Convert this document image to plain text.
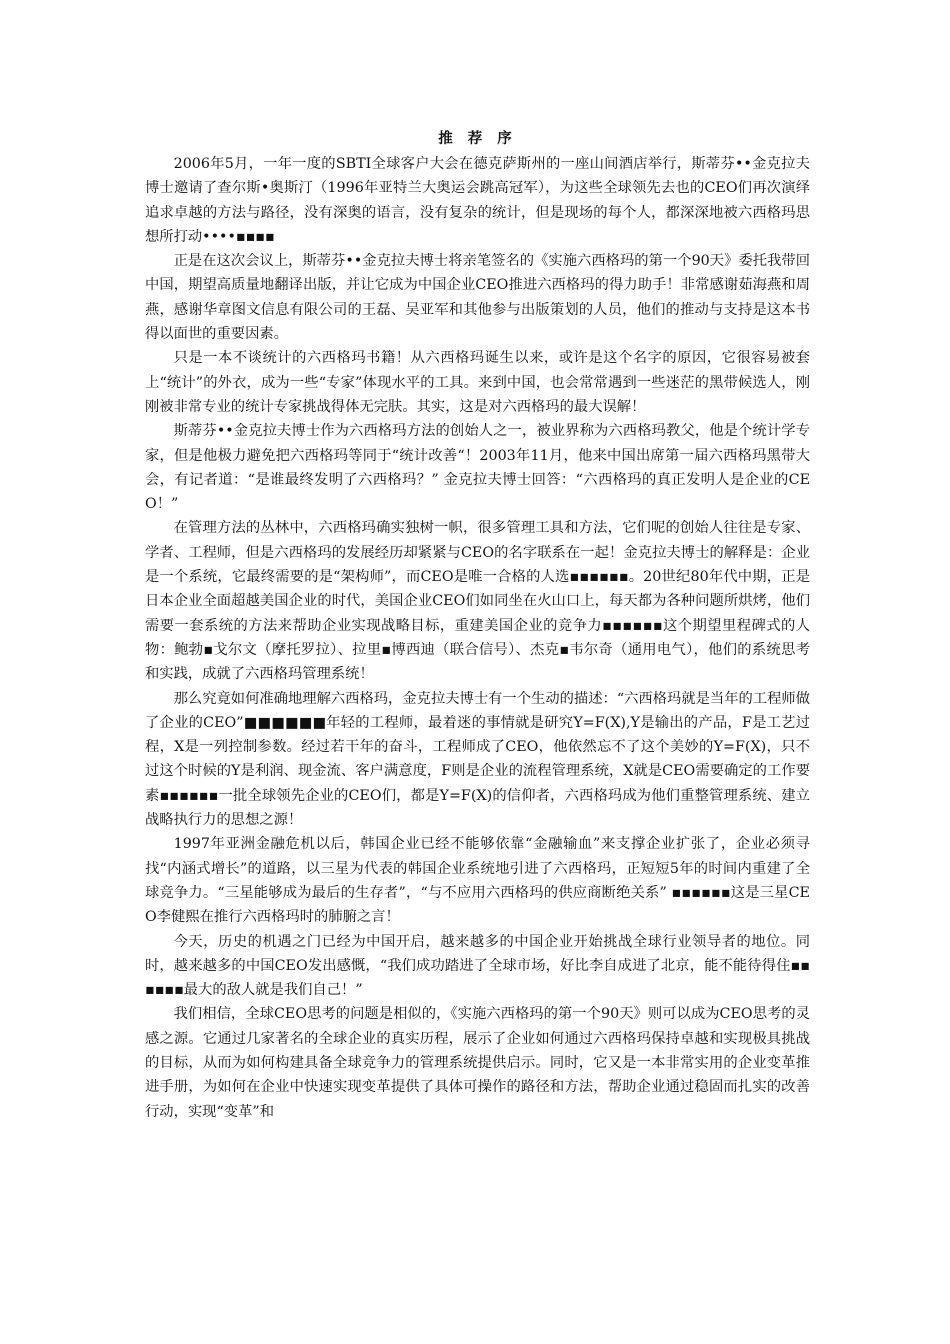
推 荐 序

2006年5月，一年一度的SBTI全球客户大会在德克萨斯州的一座山间酒店举行，斯蒂芬••金克拉夫博士邀请了查尔斯•奥斯汀（1996年亚特兰大奥运会跳高冠军），为这些全球领先去也的CEO们再次演绎追求卓越的方法与路径，没有深奥的语言，没有复杂的统计，但是现场的每个人，都深深地被六西格玛思想所打动••••▪▪▪▪

正是在这次会议上，斯蒂芬••金克拉夫博士将亲笔签名的《实施六西格玛的第一个90天》委托我带回中国，期望高质量地翻译出版，并让它成为中国企业CEO推进六西格玛的得力助手！非常感谢茹海燕和周燕，感谢华章图文信息有限公司的王磊、吴亚军和其他参与出版策划的人员，他们的推动与支持是这本书得以面世的重要因素。

只是一本不谈统计的六西格玛书籍！从六西格玛诞生以来，或许是这个名字的原因，它很容易被套上“统计”的外衣，成为一些“专家”体现水平的工具。来到中国，也会常常遇到一些迷茫的黑带候选人，刚刚被非常专业的统计专家挑战得体无完肤。其实，这是对六西格玛的最大误解！

斯蒂芬••金克拉夫博士作为六西格玛方法的创始人之一，被业界称为六西格玛教父，他是个统计学专家，但是他极力避免把六西格玛等同于“统计改善“！2003年11月，他来中国出席第一届六西格玛黑带大会，有记者道：“是谁最终发明了六西格玛？” 金克拉夫博士回答：“六西格玛的真正发明人是企业的CEO！”

在管理方法的丛林中，六西格玛确实独树一帜，很多管理工具和方法，它们呢的创始人往往是专家、学者、工程师，但是六西格玛的发展经历却紧紧与CEO的名字联系在一起！金克拉夫博士的解释是：企业是一个系统，它最终需要的是“架构师”，而CEO是唯一合格的人选▪▪▪▪▪▪。20世纪80年代中期，正是日本企业全面超越美国企业的时代，美国企业CEO们如同坐在火山口上，每天都为各种问题所烘烤，他们需要一套系统的方法来帮助企业实现战略目标，重建美国企业的竞争力▪▪▪▪▪▪这个期望里程碑式的人物：鲍勃▪戈尔文（摩托罗拉）、拉里▪博西迪（联合信号）、杰克▪韦尔奇（通用电气），他们的系统思考和实践，成就了六西格玛管理系统！

那么究竟如何准确地理解六西格玛，金克拉夫博士有一个生动的描述：“六西格玛就是当年的工程师做了企业的CEO”■■■■■■年轻的工程师，最着迷的事情就是研究Y=F(X),Y是输出的产品，F是工艺过程，X是一列控制参数。经过若干年的奋斗，工程师成了CEO，他依然忘不了这个美妙的Y=F(X)，只不过这个时候的Y是利润、现金流、客户满意度，F则是企业的流程管理系统，X就是CEO需要确定的工作要素▪▪▪▪▪▪一批全球领先企业的CEO们，都是Y=F(X)的信仰者，六西格玛成为他们重整管理系统、建立战略执行力的思想之源！

1997年亚洲金融危机以后，韩国企业已经不能够依靠“金融输血”来支撑企业扩张了，企业必须寻找“内涵式增长”的道路，以三星为代表的韩国企业系统地引进了六西格玛，正短短5年的时间内重建了全球竞争力。“三星能够成为最后的生存者”，“与不应用六西格玛的供应商断绝关系” ▪▪▪▪▪▪这是三星CEO李健熙在推行六西格玛时的肺腑之言！

今天，历史的机遇之门已经为中国开启，越来越多的中国企业开始挑战全球行业领导者的地位。同时，越来越多的中国CEO发出感慨，“我们成功踏进了全球市场，好比李自成进了北京，能不能待得住▪▪▪▪▪▪最大的敌人就是我们自己！”

我们相信，全球CEO思考的问题是相似的，《实施六西格玛的第一个90天》则可以成为CEO思考的灵感之源。它通过几家著名的全球企业的真实历程，展示了企业如何通过六西格玛保持卓越和实现极具挑战的目标，从而为如何构建具备全球竞争力的管理系统提供启示。同时，它又是一本非常实用的企业变革推进手册，为如何在企业中快速实现变革提供了具体可操作的路径和方法，帮助企业通过稳固而扎实的改善行动，实现“变革”和
